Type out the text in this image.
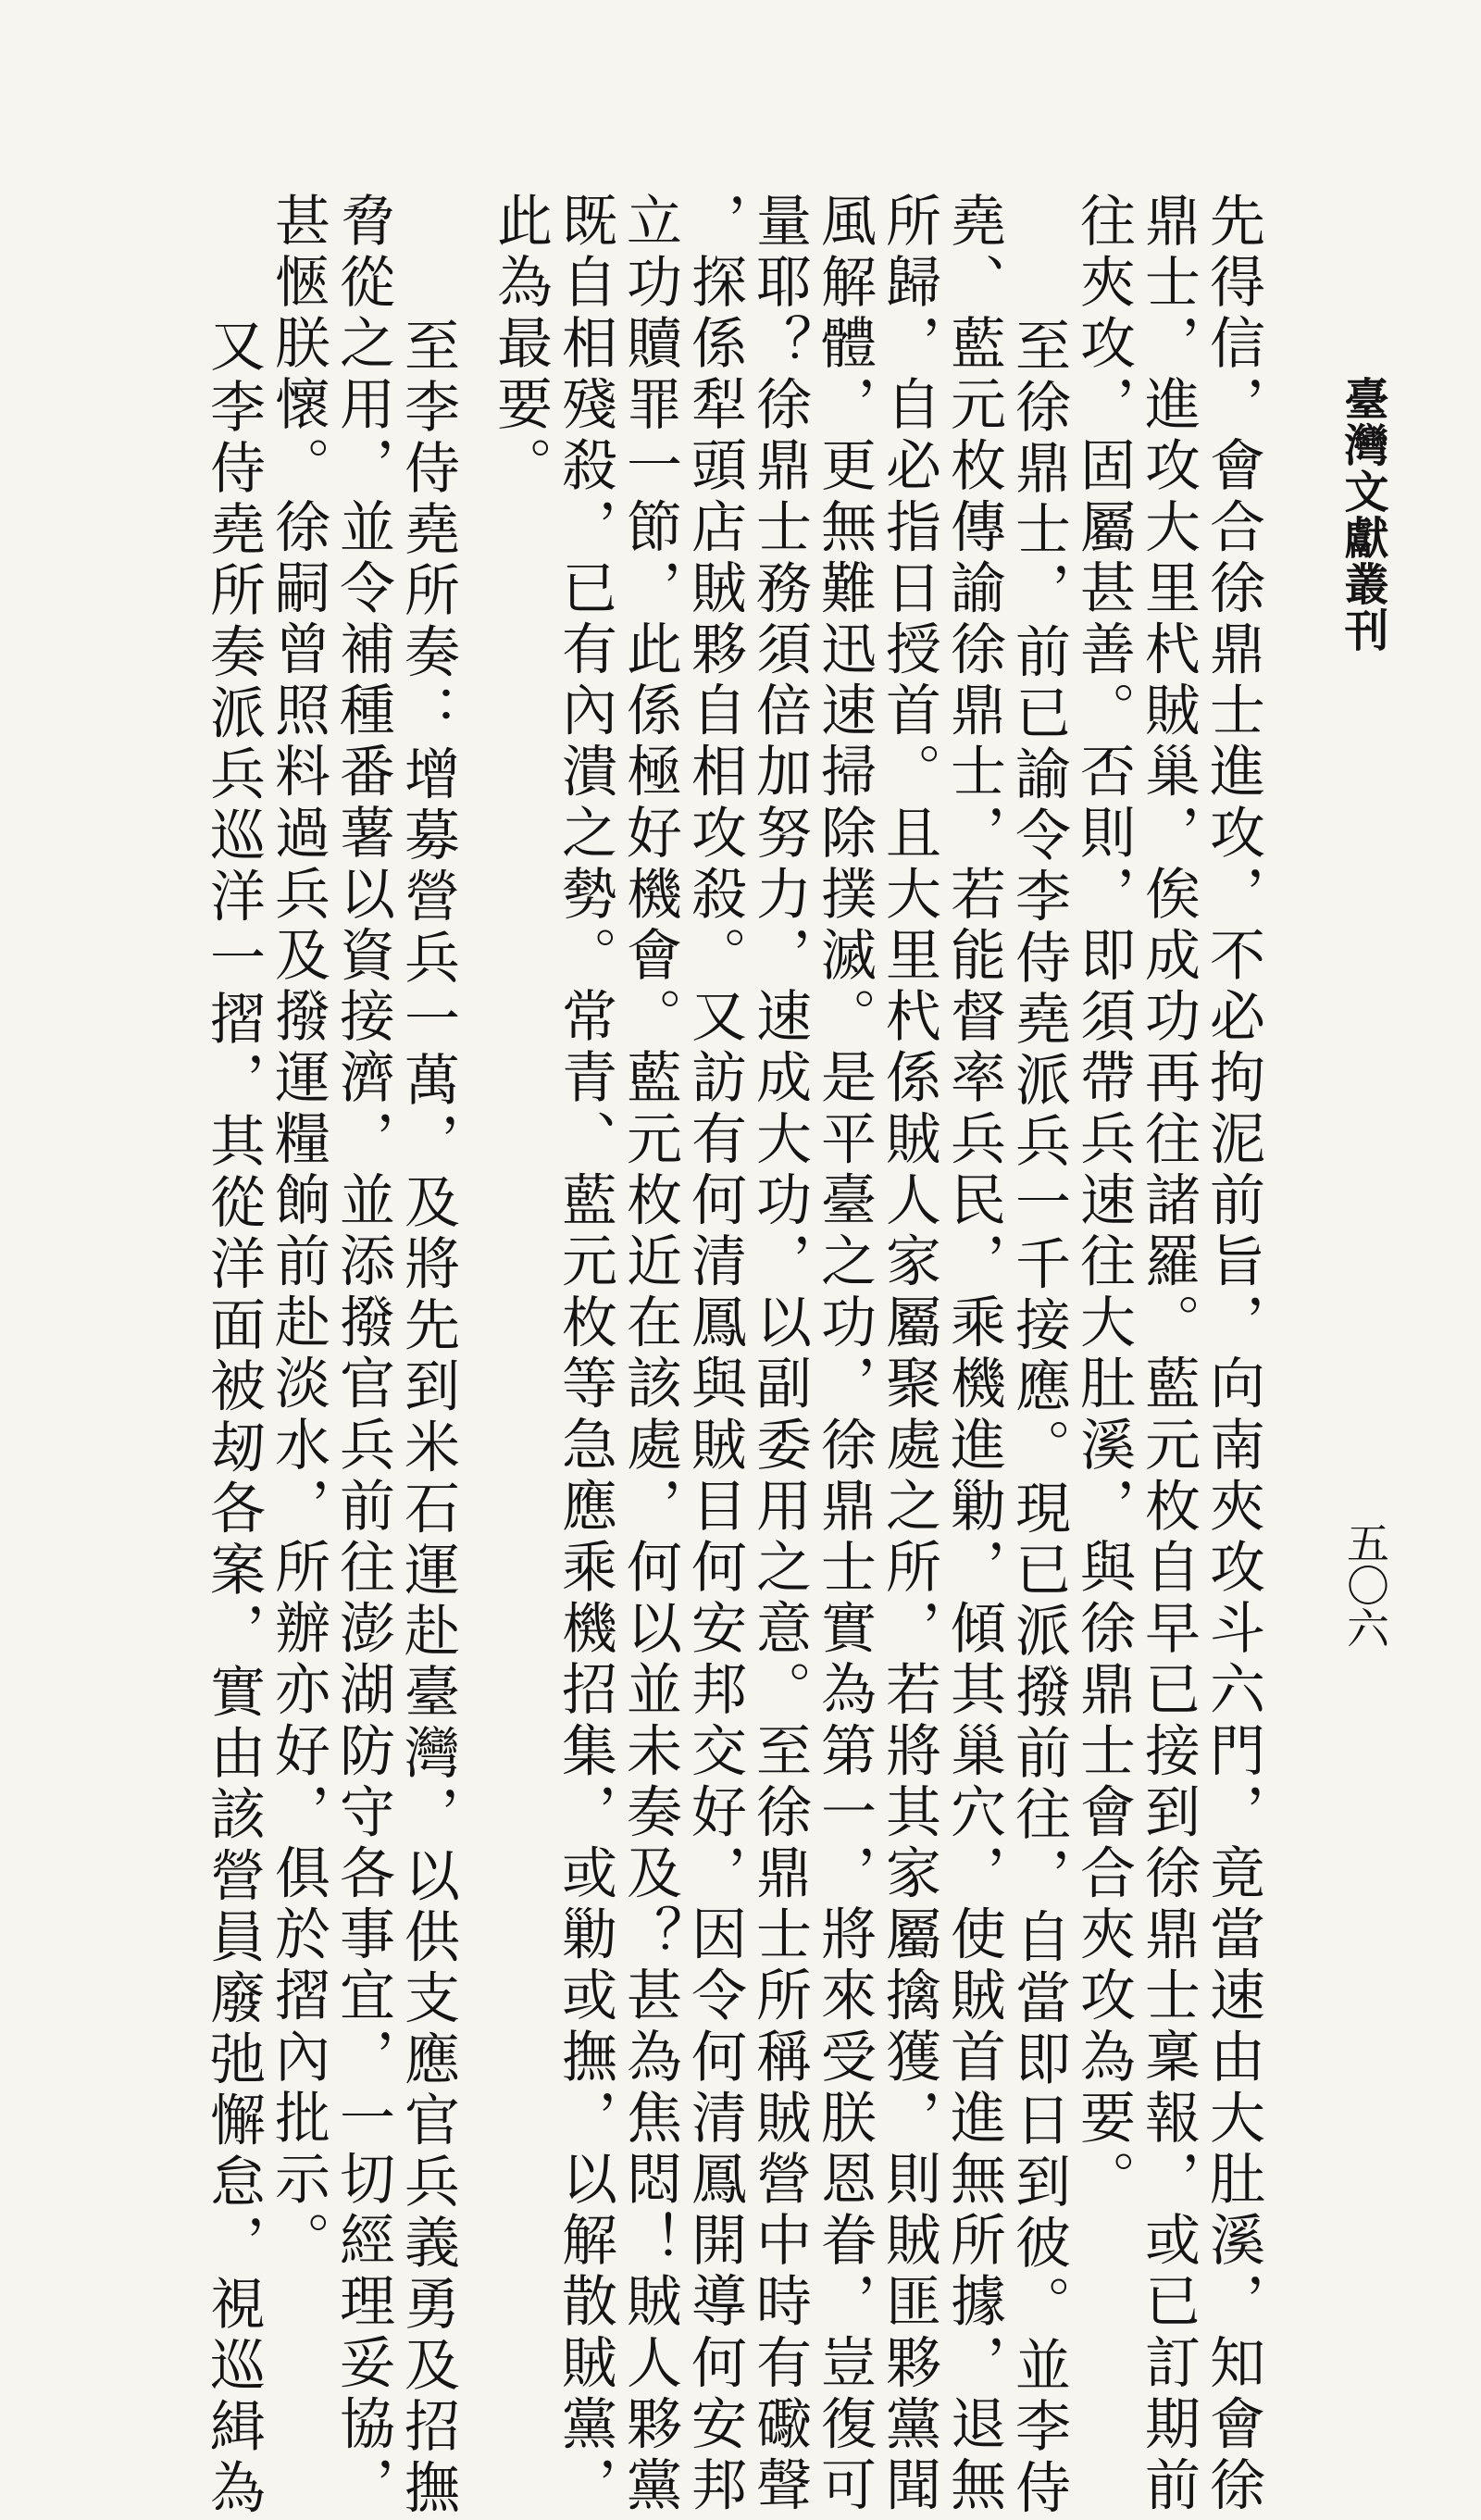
臺灣文獻叢刊
五〇六
先得信，會合徐鼎士進攻，不必拘泥前旨，向南夾攻斗六門，竟當速由大肚溪，知會徐
鼎士，進攻大里杙賊巢，俟成功再往諸羅。藍元枚自早已接到徐鼎士稟報，或已訂期前
往夾攻，固屬甚善。否則，即須帶兵速往大肚溪，與徐鼎士會合夾攻為要。
至徐鼎士，前已諭令李侍堯派兵一千接應。現已派撥前往，自當即日到彼。並李侍
堯、藍元枚傳諭徐鼎士，若能督率兵民，乘機進勦，傾其巢穴，使賊首進無所據，退無
所歸，自必指日授首。且大里杙係賊人家屬聚處之所，若將其家屬擒獲，則賊匪夥黨聞
風解體，更無難迅速掃除撲滅。是平臺之功，徐鼎士實為第一，將來受朕恩眷，豈復可
量耶？徐鼎士務須倍加努力，速成大功，以副委用之意。至徐鼎士所稱賊營中時有礮聲
，探係犁頭店賊夥自相攻殺。又訪有何清鳳與賊目何安邦交好，因令何清鳳開導何安邦
立功贖罪一節，此係極好機會。藍元枚近在該處，何以並未奏及？甚為焦悶！賊人夥黨
既自相殘殺，已有內潰之勢。常青、藍元枚等急應乘機招集，或勦或撫，以解散賊黨，
此為最要。
至李侍堯所奏：增募營兵一萬，及將先到米石運赴臺灣，以供支應官兵義勇及招撫
脅從之用，並令補種番薯以資接濟，並添撥官兵前往澎湖防守各事宜，一切經理妥協，
甚愜朕懷。徐嗣曾照料過兵及撥運糧餉前赴淡水，所辦亦好，俱於摺內批示。
又李侍堯所奏派兵巡洋一摺，其從洋面被刼各案，實由該營員廢弛懈怠，視巡緝為
